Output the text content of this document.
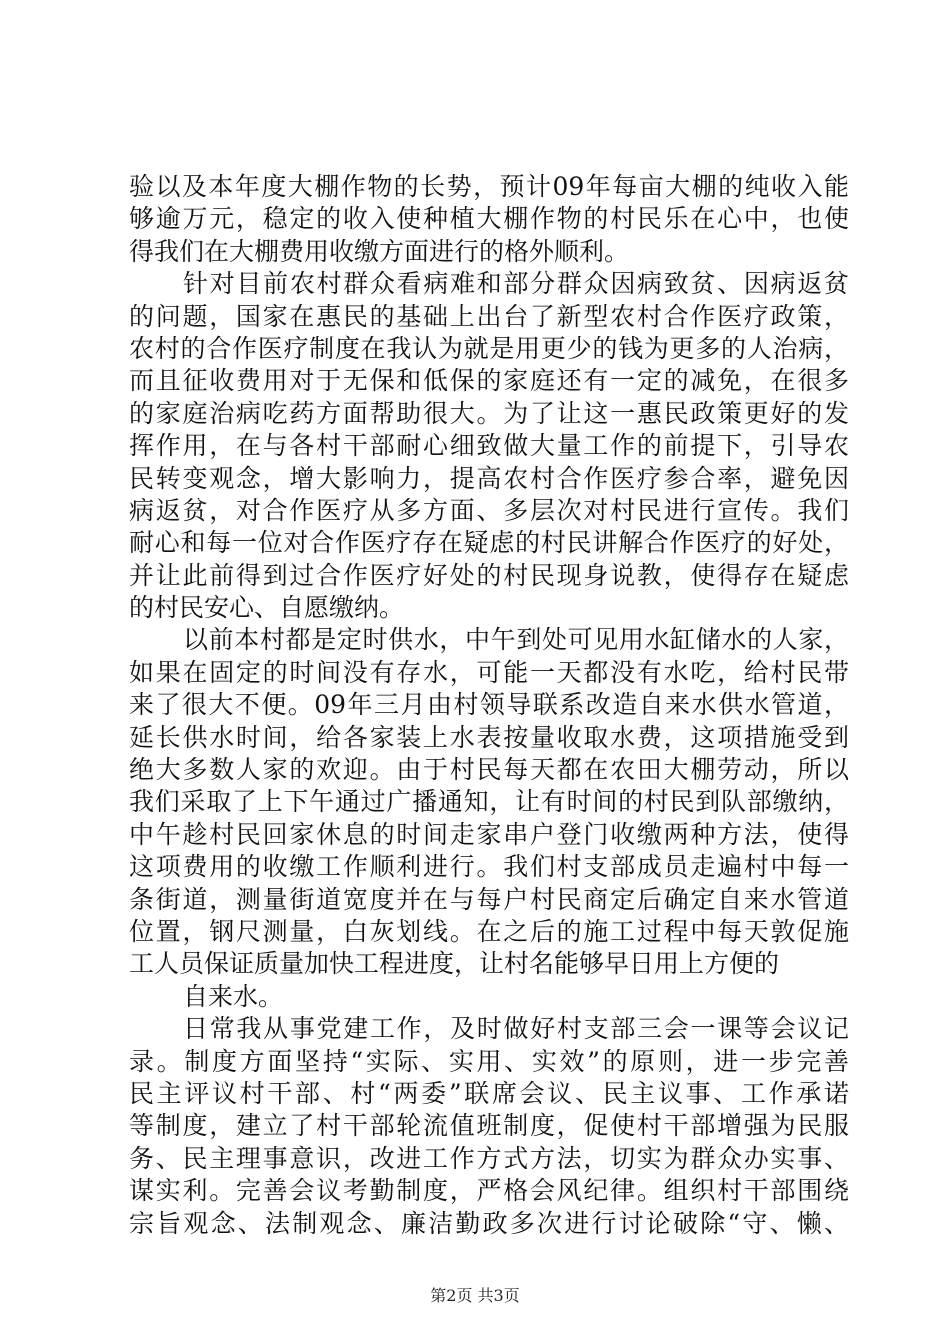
验以及本年度大棚作物的长势，预计09年每亩大棚的纯收入能
够逾万元，稳定的收入使种植大棚作物的村民乐在心中，也使
得我们在大棚费用收缴方面进行的格外顺利。
针对目前农村群众看病难和部分群众因病致贫、因病返贫
的问题，国家在惠民的基础上出台了新型农村合作医疗政策，
农村的合作医疗制度在我认为就是用更少的钱为更多的人治病，
而且征收费用对于无保和低保的家庭还有一定的减免，在很多
的家庭治病吃药方面帮助很大。为了让这一惠民政策更好的发
挥作用，在与各村干部耐心细致做大量工作的前提下，引导农
民转变观念，增大影响力，提高农村合作医疗参合率，避免因
病返贫，对合作医疗从多方面、多层次对村民进行宣传。我们
耐心和每一位对合作医疗存在疑虑的村民讲解合作医疗的好处，
并让此前得到过合作医疗好处的村民现身说教，使得存在疑虑
的村民安心、自愿缴纳。
以前本村都是定时供水，中午到处可见用水缸储水的人家，
如果在固定的时间没有存水，可能一天都没有水吃，给村民带
来了很大不便。09年三月由村领导联系改造自来水供水管道，
延长供水时间，给各家装上水表按量收取水费，这项措施受到
绝大多数人家的欢迎。由于村民每天都在农田大棚劳动，所以
我们采取了上下午通过广播通知，让有时间的村民到队部缴纳，
中午趁村民回家休息的时间走家串户登门收缴两种方法，使得
这项费用的收缴工作顺利进行。我们村支部成员走遍村中每一
条街道，测量街道宽度并在与每户村民商定后确定自来水管道
位置，钢尺测量，白灰划线。在之后的施工过程中每天敦促施
工人员保证质量加快工程进度，让村名能够早日用上方便的
自来水。
日常我从事党建工作，及时做好村支部三会一课等会议记
录。制度方面坚持“实际、实用、实效”的原则，进一步完善
民主评议村干部、村“两委”联席会议、民主议事、工作承诺
等制度，建立了村干部轮流值班制度，促使村干部增强为民服
务、民主理事意识，改进工作方式方法，切实为群众办实事、
谋实利。完善会议考勤制度，严格会风纪律。组织村干部围绕
宗旨观念、法制观念、廉洁勤政多次进行讨论破除“守、懒、
第2页 共3页
